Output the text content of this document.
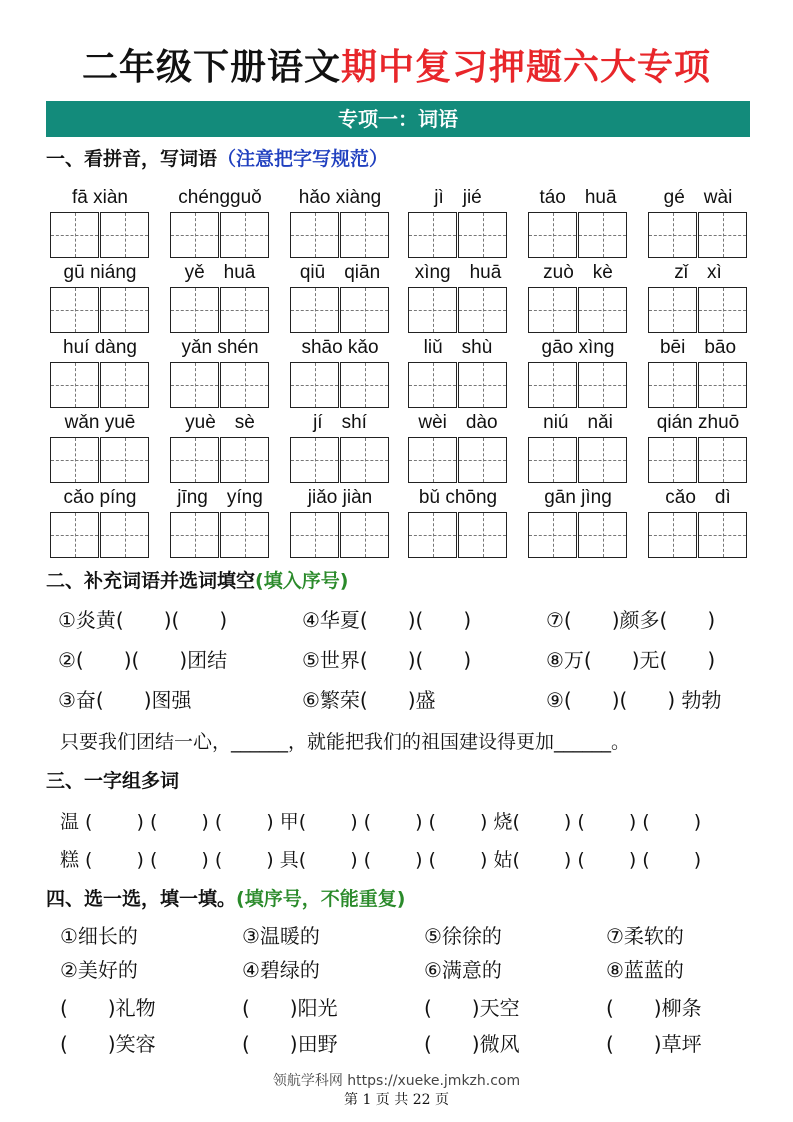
二年级下册语文期中复习押题六大专项
专项一：词语
一、看拼音，写词语（注意把字写规范）
fā xiàn	chéngguǒ	hǎo xiàng	jì　jié	táo　huā	gé　wài
gū niáng	yě　huā	qiū　qiān	xìng　huā	zuò　kè	zǐ　xì
huí dàng	yǎn shén	shāo kǎo	liǔ　shù	gāo xìng	bēi　bāo
wǎn yuē	yuè　sè	jí　shí	wèi　dào	niú　nǎi	qián zhuō
cǎo píng	jīng　yíng	jiǎo jiàn	bǔ chōng	gān jìng	cǎo　dì
二、补充词语并选词填空(填入序号)
①炎黄(　　)(　　)	④华夏(　　)(　　)	⑦(　　)颜多(　　)
②(　　)(　　)团结	⑤世界(　　)(　　)	⑧万(　　)无(　　)
③奋(　　)图强	⑥繁荣(　　)盛	⑨(　　)(　　) 勃勃
只要我们团结一心，______，就能把我们的祖国建设得更加______。
三、一字组多词
温 (　　 ) (　　 ) (　　 ) 甲(　　 ) (　　 ) (　　 ) 烧(　　 ) (　　 ) (　　 )
糕 (　　 ) (　　 ) (　　 ) 具(　　 ) (　　 ) (　　 ) 姑(　　 ) (　　 ) (　　 )
四、选一选，填一填。(填序号，不能重复)
①细长的	③温暖的	⑤徐徐的	⑦柔软的
②美好的	④碧绿的	⑥满意的	⑧蓝蓝的
(　　)礼物	(　　)阳光	(　　)天空	(　　)柳条
(　　)笑容	(　　)田野	(　　)微风	(　　)草坪
领航学科网 https://xueke.jmkzh.com
第 1 页 共 22 页
